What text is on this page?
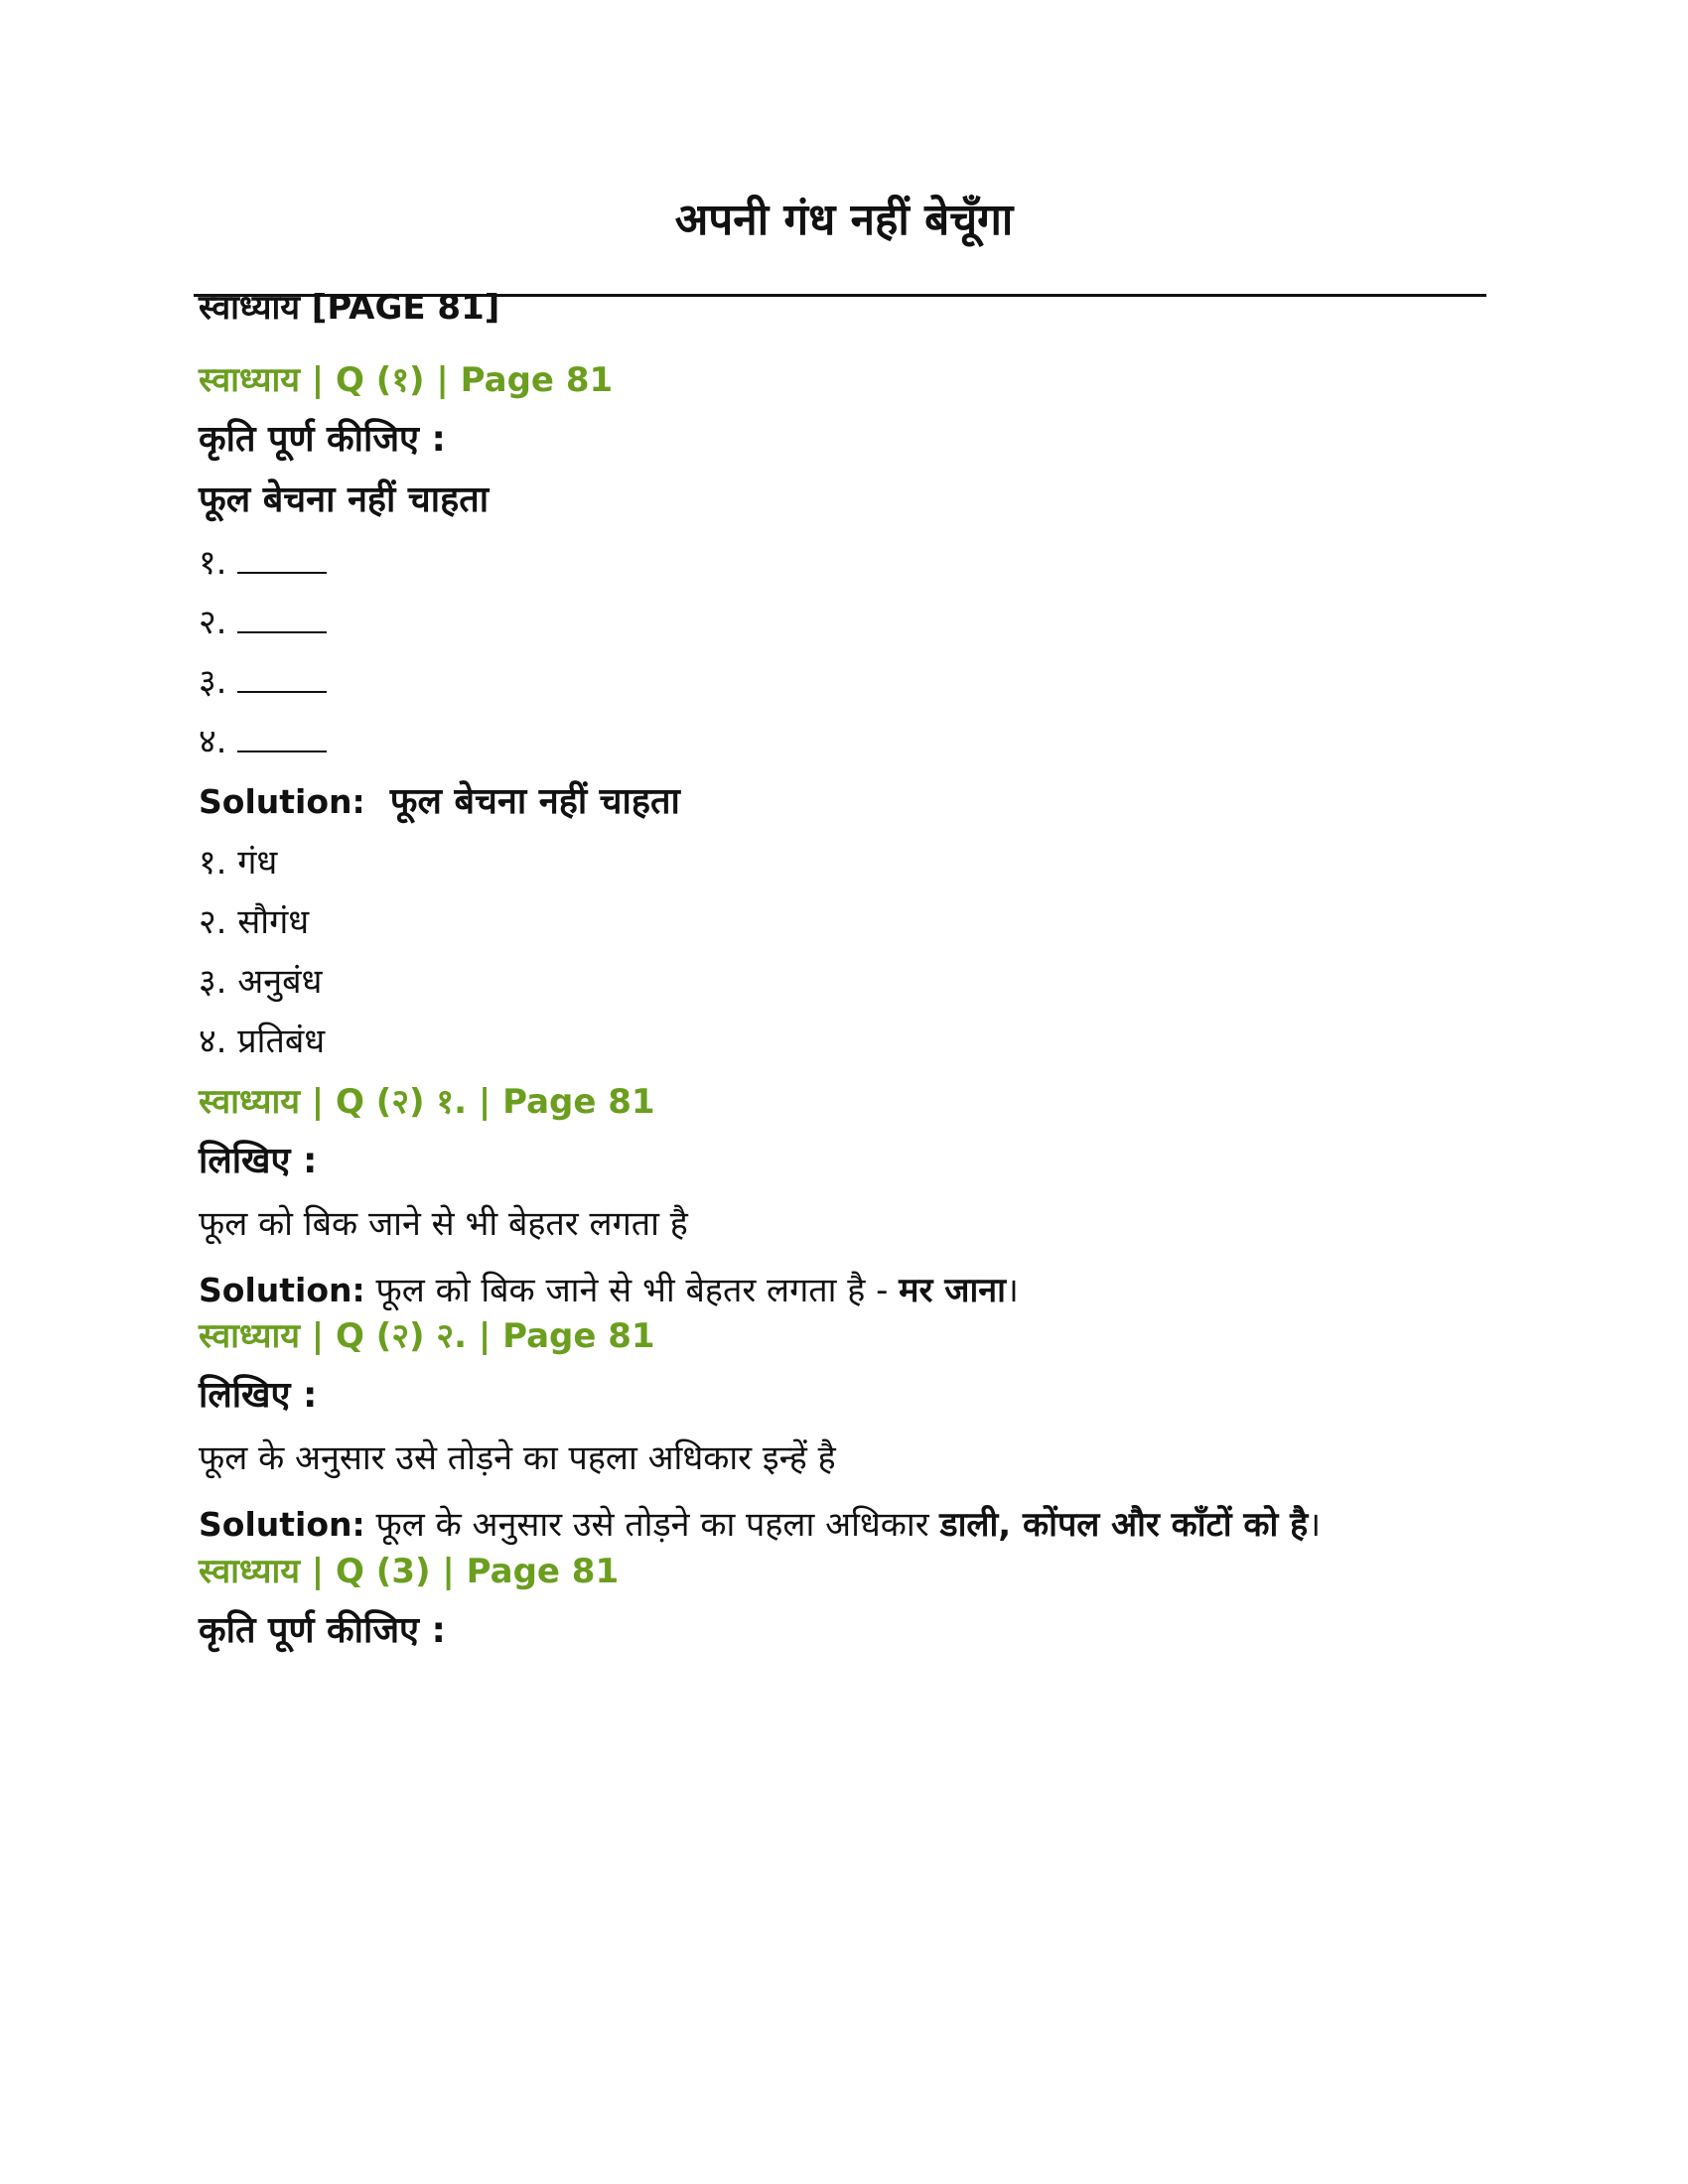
अपनी गंध नहीं बेचूँगा
स्वाध्याय [PAGE 81]
स्वाध्याय | Q (१) | Page 81
कृति पूर्ण कीजिए :
फूल बेचना नहीं चाहता
१.
२.
३.
४.
Solution: फूल बेचना नहीं चाहता
१. गंध
२. सौगंध
३. अनुबंध
४. प्रतिबंध
स्वाध्याय | Q (२) १. | Page 81
लिखिए :
फूल को बिक जाने से भी बेहतर लगता है
Solution: फूल को बिक जाने से भी बेहतर लगता है - मर जाना।
स्वाध्याय | Q (२) २. | Page 81
लिखिए :
फूल के अनुसार उसे तोड़ने का पहला अधिकार इन्हें है
Solution: फूल के अनुसार उसे तोड़ने का पहला अधिकार डाली, कोंपल और काँटों को है।
स्वाध्याय | Q (3) | Page 81
कृति पूर्ण कीजिए :
